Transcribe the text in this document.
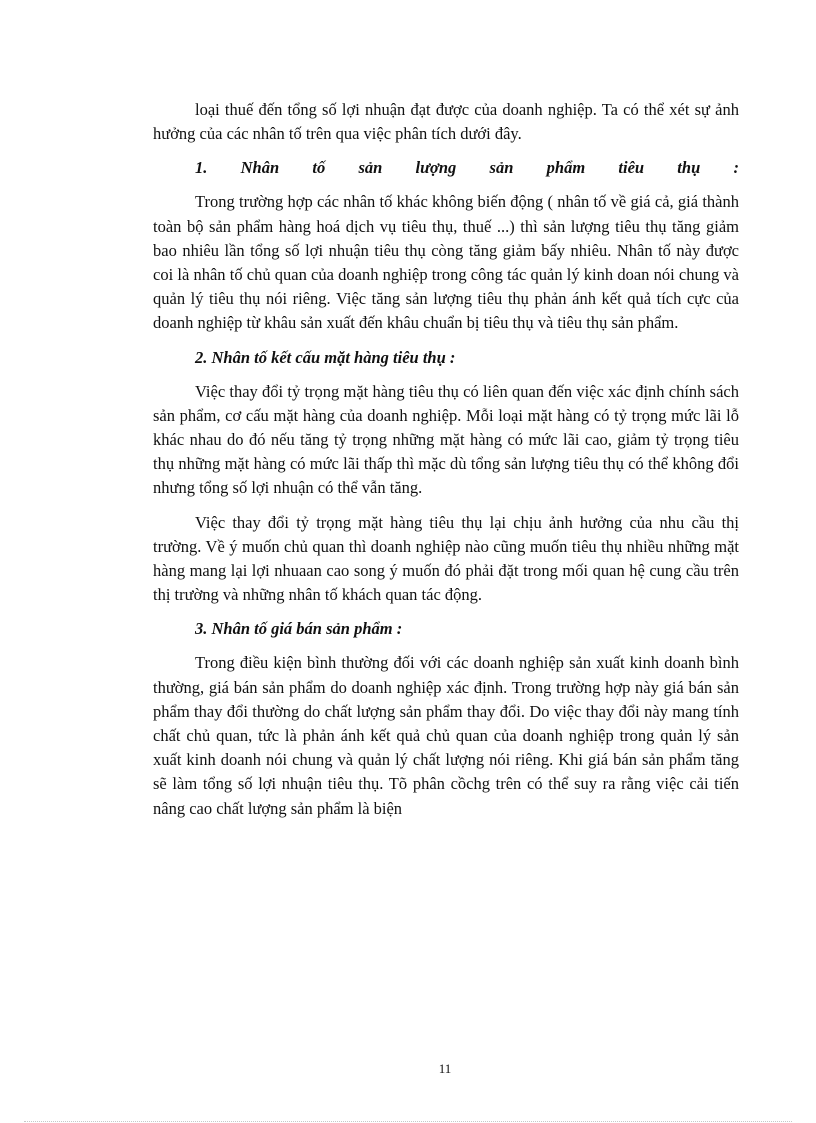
loại thuế đến tổng số lợi nhuận đạt được của doanh nghiệp. Ta có thể xét sự ảnh hưởng của các nhân tố trên qua việc phân tích dưới đây.

1. Nhân tố sản lượng sản phẩm tiêu thụ :

Trong trường hợp các nhân tố khác không biến động ( nhân tố về giá cả, giá thành toàn bộ sản phẩm hàng hoá dịch vụ tiêu thụ, thuế ...) thì sản lượng tiêu thụ tăng giảm bao nhiêu lần tổng số lợi nhuận tiêu thụ còng tăng giảm bấy nhiêu. Nhân tố này được coi là nhân tố chủ quan của doanh nghiệp trong công tác quản lý kinh doan nói chung và quản lý tiêu thụ nói riêng. Việc tăng sản lượng tiêu thụ phản ánh kết quả tích cực của doanh nghiệp từ khâu sản xuất đến khâu chuẩn bị tiêu thụ và tiêu thụ sản phẩm.

2. Nhân tố kết cấu mặt hàng tiêu thụ :

Việc thay đổi tỷ trọng mặt hàng tiêu thụ có liên quan đến việc xác định chính sách sản phẩm, cơ cấu mặt hàng của doanh nghiệp. Mỗi loại mặt hàng có tỷ trọng mức lãi lỗ khác nhau do đó nếu tăng tỷ trọng những mặt hàng có mức lãi cao, giảm tỷ trọng tiêu thụ những mặt hàng có mức lãi thấp thì mặc dù tổng sản lượng tiêu thụ có thể không đổi nhưng tổng số lợi nhuận có thể vẫn tăng.

Việc thay đổi tỷ trọng mặt hàng tiêu thụ lại chịu ảnh hưởng của nhu cầu thị trường. Về ý muốn chủ quan thì doanh nghiệp nào cũng muốn tiêu thụ nhiều những mặt hàng mang lại lợi nhuaan cao song ý muốn đó phải đặt trong mối quan hệ cung cầu trên thị trường và những nhân tố khách quan tác động.

3. Nhân tố giá bán sản phẩm :

Trong điều kiện bình thường đối với các doanh nghiệp sản xuất kinh doanh bình thường, giá bán sản phẩm do doanh nghiệp xác định. Trong trường hợp này giá bán sản phẩm thay đổi thường do chất lượng sản phẩm thay đổi. Do việc thay đổi này mang tính chất chủ quan, tức là phản ánh kết quả chủ quan của doanh nghiệp trong quản lý sản xuất kinh doanh nói chung và quản lý chất lượng nói riêng. Khi giá bán sản phẩm tăng sẽ làm tổng số lợi nhuận tiêu thụ. Tõ phân cồchg trên có thể suy ra rằng việc cải tiến nâng cao chất lượng sản phẩm là biện

11
